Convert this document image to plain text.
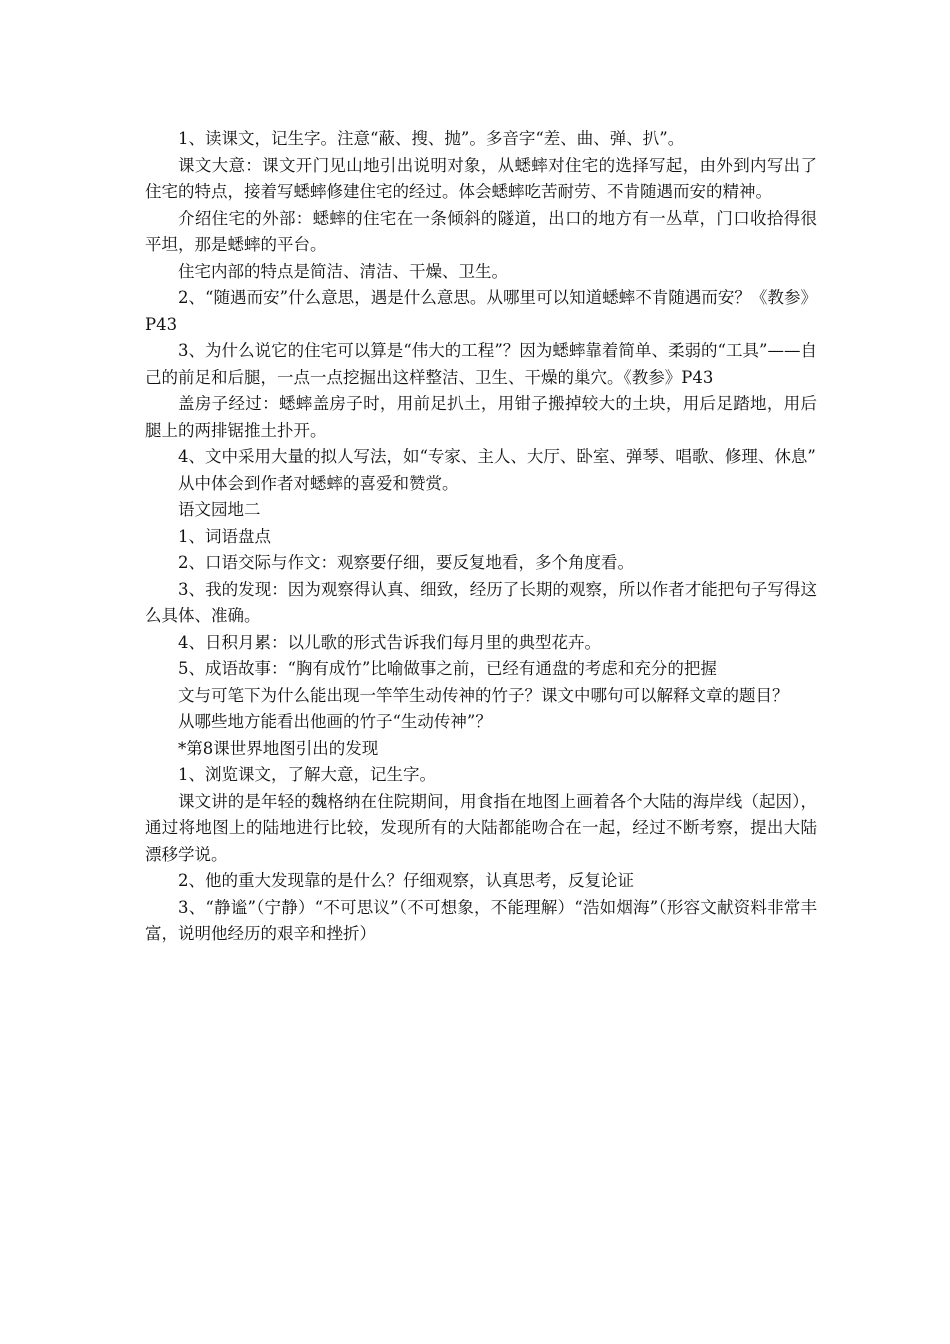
1、读课文，记生字。注意“蔽、搜、抛”。多音字“差、曲、弹、扒”。

课文大意：课文开门见山地引出说明对象，从蟋蟀对住宅的选择写起，由外到内写出了住宅的特点，接着写蟋蟀修建住宅的经过。体会蟋蟀吃苦耐劳、不肯随遇而安的精神。

介绍住宅的外部：蟋蟀的住宅在一条倾斜的隧道，出口的地方有一丛草，门口收拾得很平坦，那是蟋蟀的平台。

住宅内部的特点是简洁、清洁、干燥、卫生。

2、“随遇而安”什么意思，遇是什么意思。从哪里可以知道蟋蟀不肯随遇而安？《教参》P43

3、为什么说它的住宅可以算是“伟大的工程”？因为蟋蟀靠着简单、柔弱的“工具”——自己的前足和后腿，一点一点挖掘出这样整洁、卫生、干燥的巢穴。《教参》P43

盖房子经过：蟋蟀盖房子时，用前足扒土，用钳子搬掉较大的土块，用后足踏地，用后腿上的两排锯推土扑开。

4、文中采用大量的拟人写法，如“专家、主人、大厅、卧室、弹琴、唱歌、修理、休息”

从中体会到作者对蟋蟀的喜爱和赞赏。

语文园地二

1、词语盘点

2、口语交际与作文：观察要仔细，要反复地看，多个角度看。

3、我的发现：因为观察得认真、细致，经历了长期的观察，所以作者才能把句子写得这么具体、准确。

4、日积月累：以儿歌的形式告诉我们每月里的典型花卉。

5、成语故事：“胸有成竹”比喻做事之前，已经有通盘的考虑和充分的把握

文与可笔下为什么能出现一竿竿生动传神的竹子？课文中哪句可以解释文章的题目？

从哪些地方能看出他画的竹子“生动传神”？

*第8课世界地图引出的发现

1、浏览课文，了解大意，记生字。

课文讲的是年轻的魏格纳在住院期间，用食指在地图上画着各个大陆的海岸线（起因），通过将地图上的陆地进行比较，发现所有的大陆都能吻合在一起，经过不断考察，提出大陆漂移学说。

2、他的重大发现靠的是什么？仔细观察，认真思考，反复论证

3、“静谧”（宁静）“不可思议”（不可想象，不能理解）“浩如烟海”（形容文献资料非常丰富，说明他经历的艰辛和挫折）
